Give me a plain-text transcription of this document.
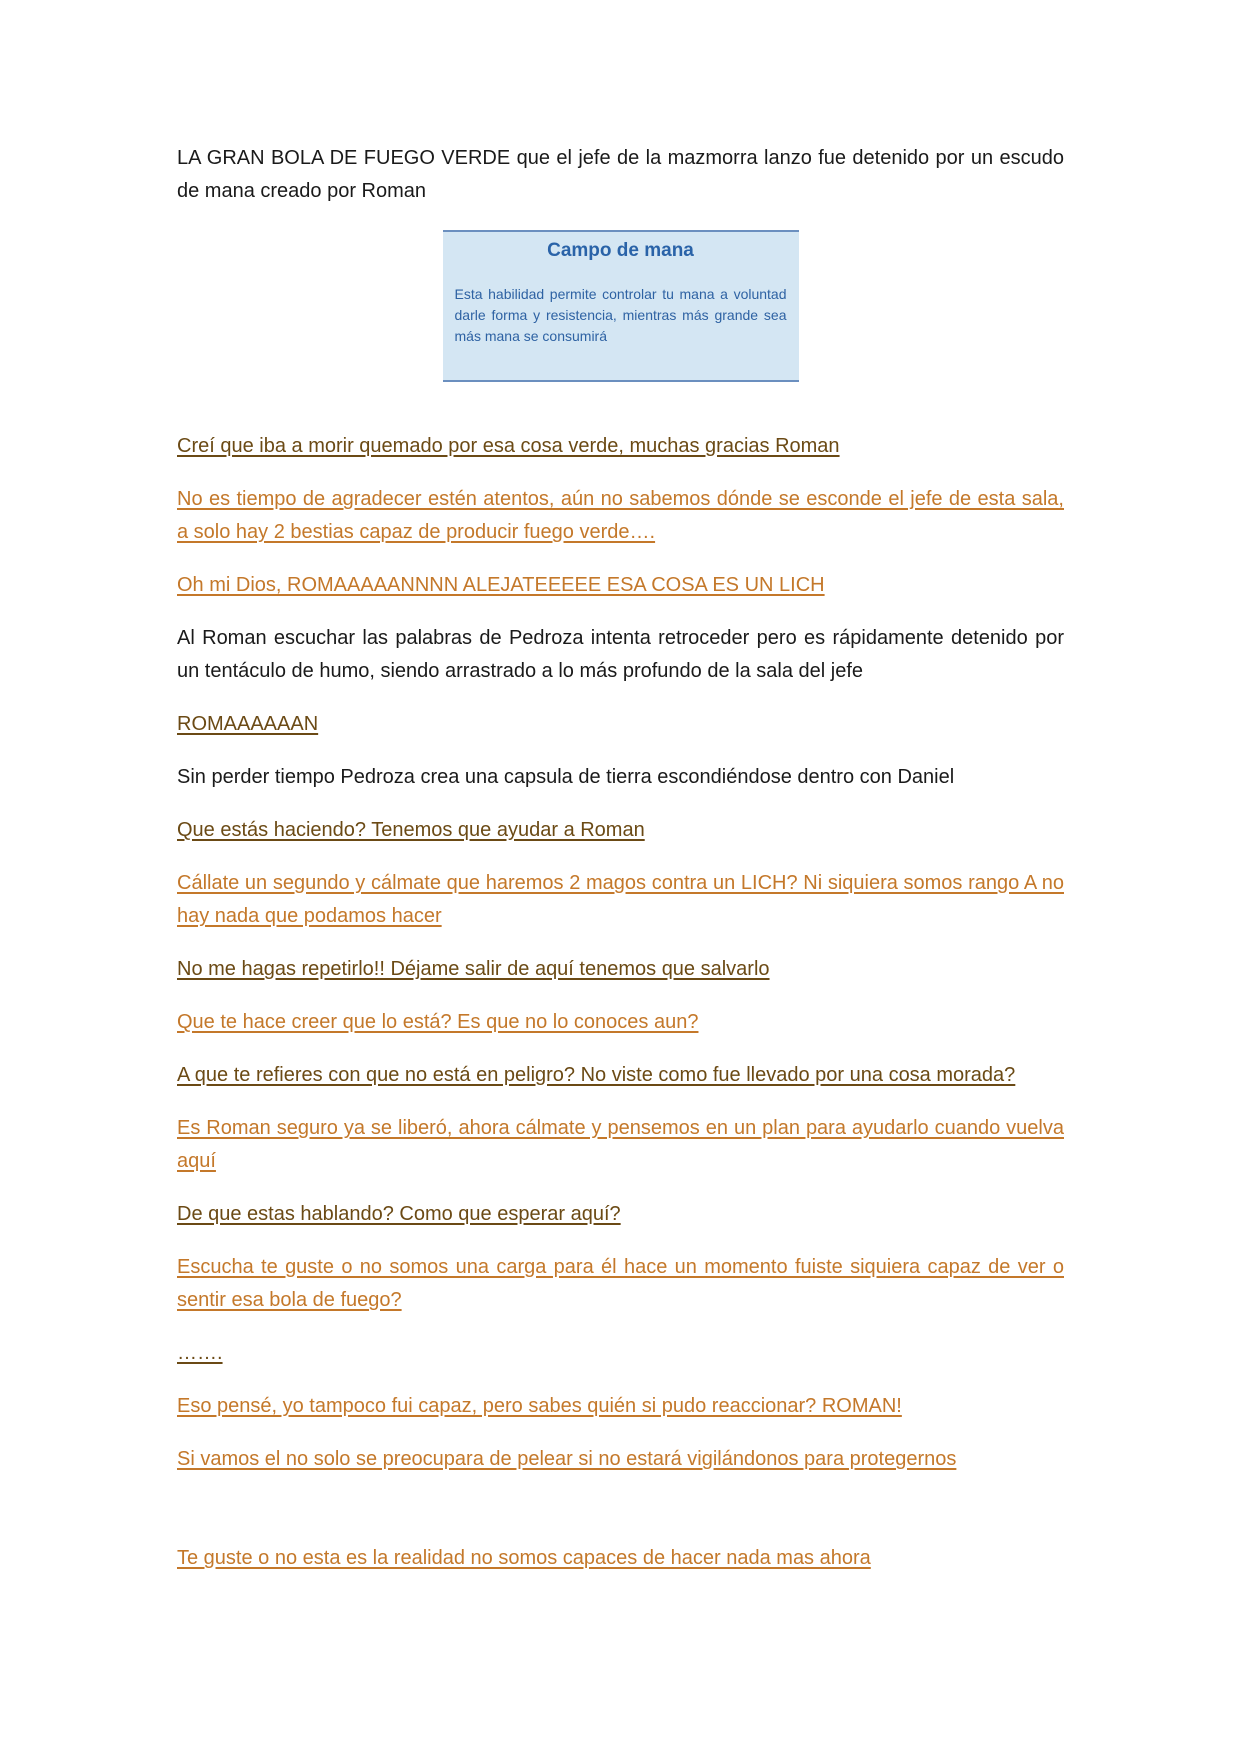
LA GRAN BOLA DE FUEGO VERDE que el jefe de la mazmorra lanzo fue detenido por un escudo de mana creado por Roman

Campo de mana

Esta habilidad permite controlar tu mana a voluntad darle forma y resistencia, mientras más grande sea más mana se consumirá

Creí que iba a morir quemado por esa cosa verde, muchas gracias Roman

No es tiempo de agradecer estén atentos, aún no sabemos dónde se esconde el jefe de esta sala, a solo hay 2 bestias capaz de producir fuego verde….

Oh mi Dios, ROMAAAAANNNN ALEJATEEEEE ESA COSA ES UN LICH

Al Roman escuchar las palabras de Pedroza intenta retroceder pero es rápidamente detenido por un tentáculo de humo, siendo arrastrado a lo más profundo de la sala del jefe

ROMAAAAAAN

Sin perder tiempo Pedroza crea una capsula de tierra escondiéndose dentro con Daniel

Que estás haciendo? Tenemos que ayudar a Roman

Cállate un segundo y cálmate que haremos 2 magos contra un LICH? Ni siquiera somos rango A no hay nada que podamos hacer

No me hagas repetirlo!! Déjame salir de aquí tenemos que salvarlo

Que te hace creer que lo está? Es que no lo conoces aun?

A que te refieres con que no está en peligro? No viste como fue llevado por una cosa morada?

Es Roman seguro ya se liberó, ahora cálmate y pensemos en un plan para ayudarlo cuando vuelva aquí

De que estas hablando? Como que esperar aquí?

Escucha te guste o no somos una carga para él hace un momento fuiste siquiera capaz de ver o sentir esa bola de fuego?

…….

Eso pensé, yo tampoco fui capaz, pero sabes quién si pudo reaccionar? ROMAN!

Si vamos el no solo se preocupara de pelear si no estará vigilándonos para protegernos

Te guste o no esta es la realidad no somos capaces de hacer nada mas ahora
